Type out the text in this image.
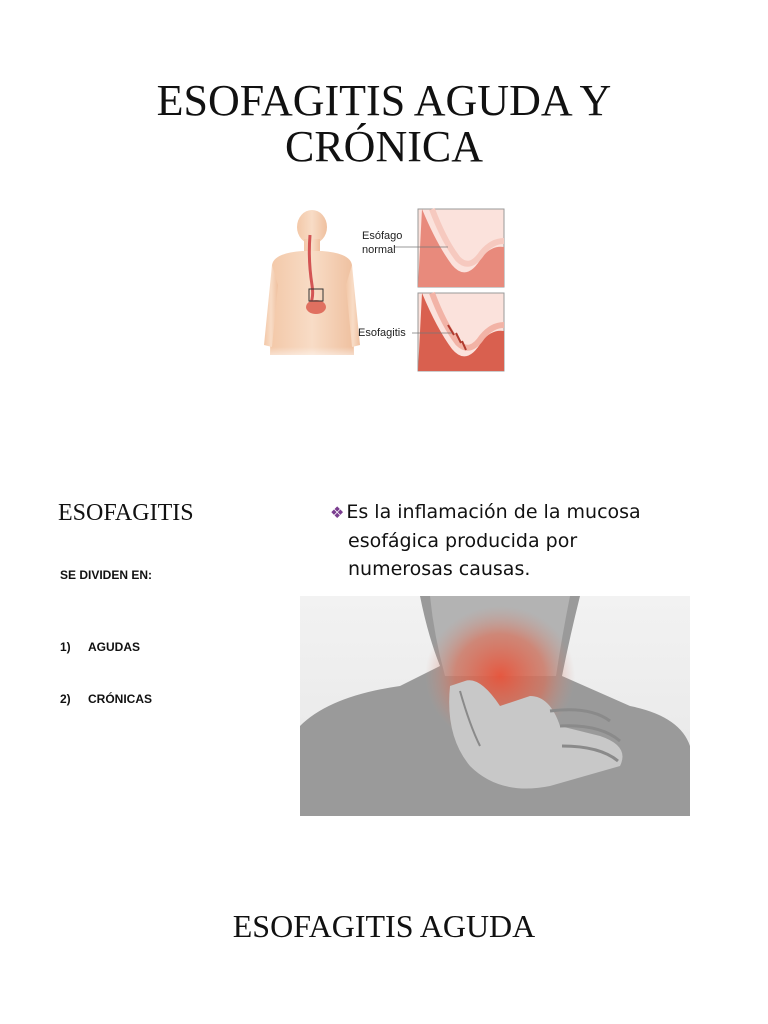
ESOFAGITIS AGUDA Y
CRÓNICA
Esófago
normal
Esofagitis
ESOFAGITIS
SE DIVIDEN EN:
1)	AGUDAS
2)	CRÓNICAS
❖ Es la inflamación de la mucosa
esofágica producida por
numerosas causas.
ESOFAGITIS AGUDA
